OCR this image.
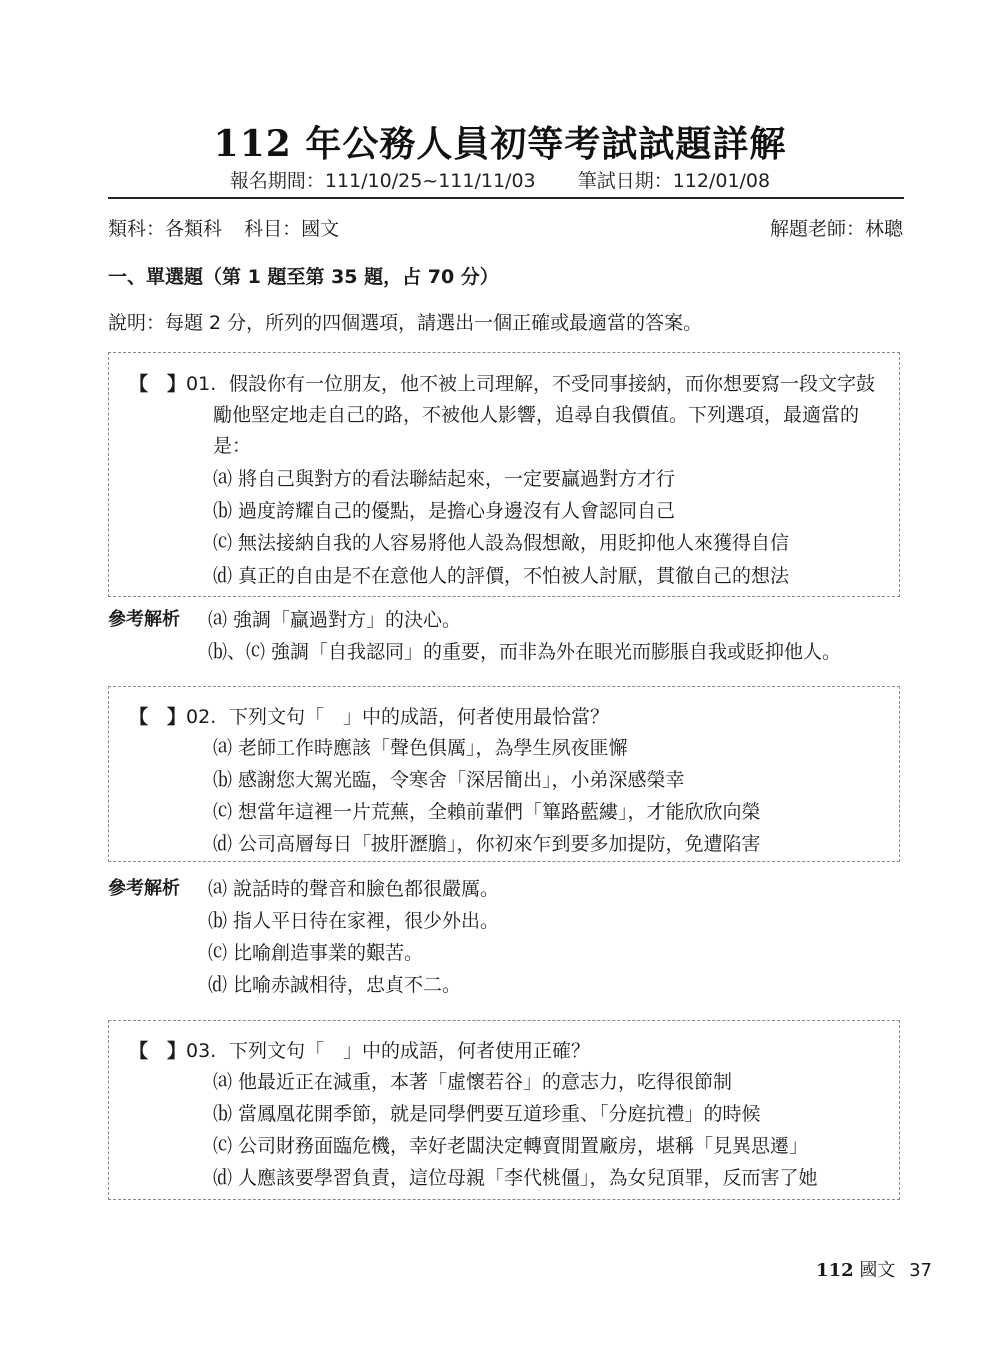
112 年公務人員初等考試試題詳解
報名期間：111/10/25~111/11/03 筆試日期：112/01/08
類科：各類科 科目：國文	解題老師：林聰
一、單選題（第 1 題至第 35 題，占 70 分）
說明：每題 2 分，所列的四個選項，請選出一個正確或最適當的答案。
【　】01. 假設你有一位朋友，他不被上司理解，不受同事接納，而你想要寫一段文字鼓
勵他堅定地走自己的路，不被他人影響，追尋自我價值。下列選項，最適當的
是：
⒜ 將自己與對方的看法聯結起來，一定要贏過對方才行
⒝ 過度誇耀自己的優點，是擔心身邊沒有人會認同自己
⒞ 無法接納自我的人容易將他人設為假想敵，用貶抑他人來獲得自信
⒟ 真正的自由是不在意他人的評價，不怕被人討厭，貫徹自己的想法
參考解析 ⒜ 強調「贏過對方」的決心。
⒝、⒞ 強調「自我認同」的重要，而非為外在眼光而膨脹自我或貶抑他人。
【　】02. 下列文句「　」中的成語，何者使用最恰當？
⒜ 老師工作時應該「聲色俱厲」，為學生夙夜匪懈
⒝ 感謝您大駕光臨，令寒舍「深居簡出」，小弟深感榮幸
⒞ 想當年這裡一片荒蕪，全賴前輩們「篳路藍縷」，才能欣欣向榮
⒟ 公司高層每日「披肝瀝膽」，你初來乍到要多加提防，免遭陷害
參考解析 ⒜ 說話時的聲音和臉色都很嚴厲。
⒝ 指人平日待在家裡，很少外出。
⒞ 比喻創造事業的艱苦。
⒟ 比喻赤誠相待，忠貞不二。
【　】03. 下列文句「　」中的成語，何者使用正確？
⒜ 他最近正在減重，本著「虛懷若谷」的意志力，吃得很節制
⒝ 當鳳凰花開季節，就是同學們要互道珍重、「分庭抗禮」的時候
⒞ 公司財務面臨危機，幸好老闆決定轉賣閒置廠房，堪稱「見異思遷」
⒟ 人應該要學習負責，這位母親「李代桃僵」，為女兒頂罪，反而害了她
112 國文 37
